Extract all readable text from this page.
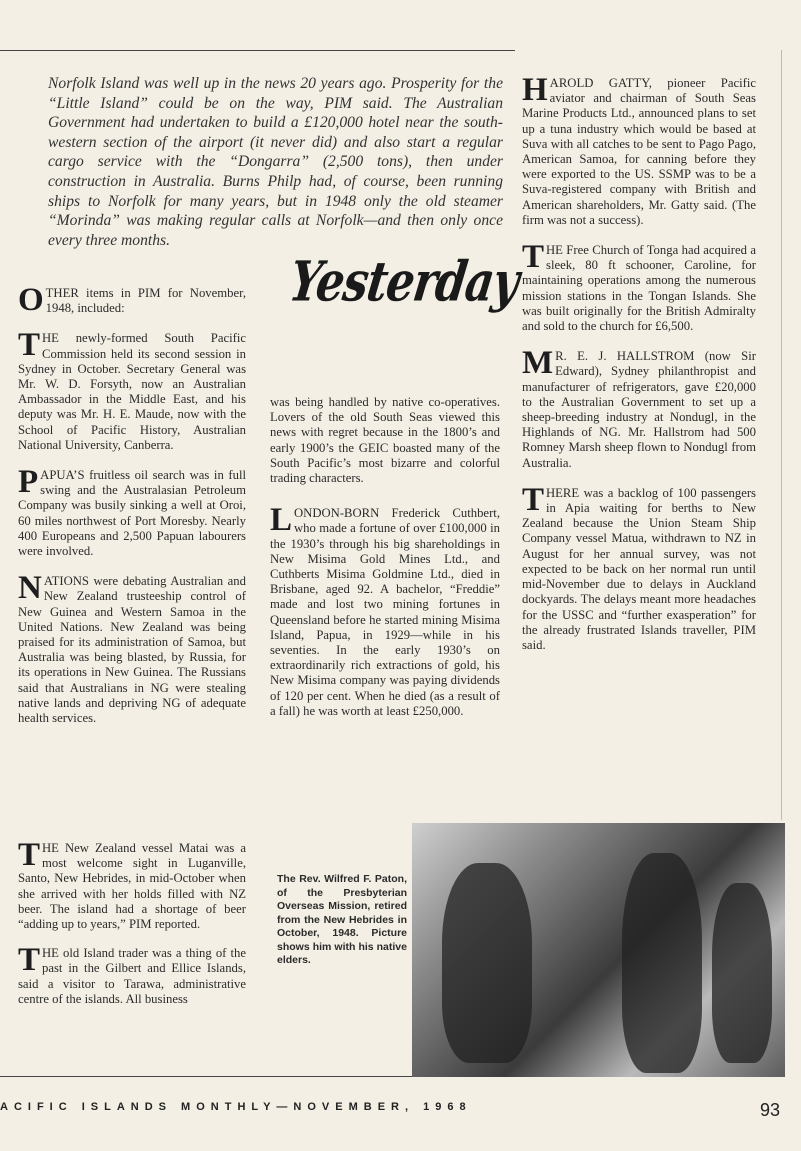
Norfolk Island was well up in the news 20 years ago. Prosperity for the “Little Island” could be on the way, PIM said. The Australian Government had undertaken to build a £120,000 hotel near the south-western section of the airport (it never did) and also start a regular cargo service with the “Dongarra” (2,500 tons), then under construction in Australia. Burns Philp had, of course, been running ships to Norfolk for many years, but in 1948 only the old steamer “Morinda” was making regular calls at Norfolk—and then only once every three months.

OTHER items in PIM for November, 1948, included:

THE newly-formed South Pacific Commission held its second session in Sydney in October. Secretary General was Mr. W. D. Forsyth, now an Australian Ambassador in the Middle East, and his deputy was Mr. H. E. Maude, now with the School of Pacific History, Australian National University, Canberra.

PAPUA’S fruitless oil search was in full swing and the Australasian Petroleum Company was busily sinking a well at Oroi, 60 miles northwest of Port Moresby. Nearly 400 Europeans and 2,500 Papuan labourers were involved.

NATIONS were debating Australian and New Zealand trusteeship control of New Guinea and Western Samoa in the United Nations. New Zealand was being praised for its administration of Samoa, but Australia was being blasted, by Russia, for its operations in New Guinea. The Russians said that Australians in NG were stealing native lands and depriving NG of adequate health services.

THE New Zealand vessel Matai was a most welcome sight in Luganville, Santo, New Hebrides, in mid-October when she arrived with her holds filled with NZ beer. The island had a shortage of beer “adding up to years,” PIM reported.

THE old Island trader was a thing of the past in the Gilbert and Ellice Islands, said a visitor to Tarawa, administrative centre of the islands. All business

Yesterday

was being handled by native co-operatives. Lovers of the old South Seas viewed this news with regret because in the 1800’s and early 1900’s the GEIC boasted many of the South Pacific’s most bizarre and colorful trading characters.

LONDON-BORN Frederick Cuthbert, who made a fortune of over £100,000 in the 1930’s through his big shareholdings in New Misima Gold Mines Ltd., and Cuthberts Misima Goldmine Ltd., died in Brisbane, aged 92. A bachelor, “Freddie” made and lost two mining fortunes in Queensland before he started mining Misima Island, Papua, in 1929—while in his seventies. In the early 1930’s on extraordinarily rich extractions of gold, his New Misima company was paying dividends of 120 per cent. When he died (as a result of a fall) he was worth at least £250,000.

HAROLD GATTY, pioneer Pacific aviator and chairman of South Seas Marine Products Ltd., announced plans to set up a tuna industry which would be based at Suva with all catches to be sent to Pago Pago, American Samoa, for canning before they were exported to the US. SSMP was to be a Suva-registered company with British and American shareholders, Mr. Gatty said. (The firm was not a success).

THE Free Church of Tonga had acquired a sleek, 80 ft schooner, Caroline, for maintaining operations among the numerous mission stations in the Tongan Islands. She was built originally for the British Admiralty and sold to the church for £6,500.

M R. E. J. HALLSTROM (now Sir Edward), Sydney philanthropist and manufacturer of refrigerators, gave £20,000 to the Australian Government to set up a sheep-breeding industry at Nondugl, in the Highlands of NG. Mr. Hallstrom had 500 Romney Marsh sheep flown to Nondugl from Australia.

THERE was a backlog of 100 passengers in Apia waiting for berths to New Zealand because the Union Steam Ship Company vessel Matua, withdrawn to NZ in August for her annual survey, was not expected to be back on her normal run until mid-November due to delays in Auckland dockyards. The delays meant more headaches for the USSC and “further exasperation” for the already frustrated Islands traveller, PIM said.

The Rev. Wilfred F. Paton, of the Presbyterian Overseas Mission, retired from the New Hebrides in October, 1948. Picture shows him with his native elders.

ACIFIC ISLANDS MONTHLY—NOVEMBER, 1968	93
